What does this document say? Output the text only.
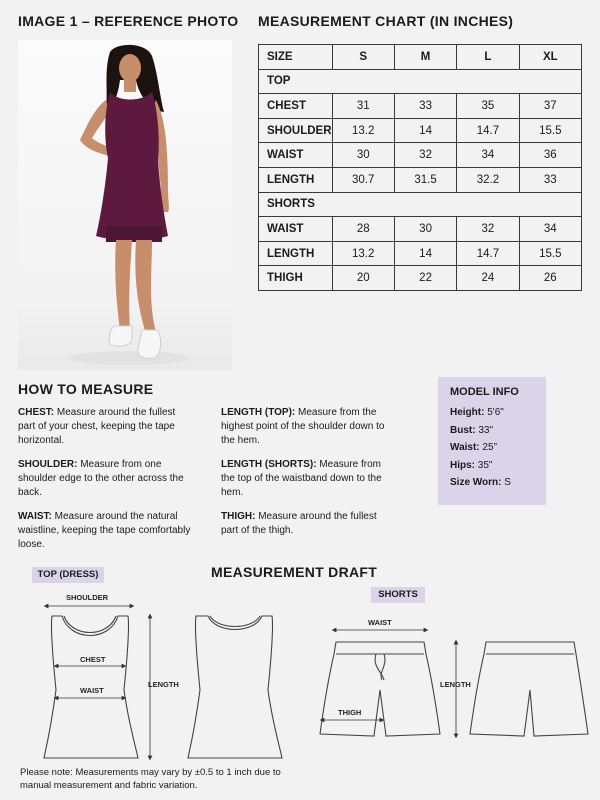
IMAGE 1 – REFERENCE PHOTO MEASUREMENT CHART (IN INCHES)
SIZE	S	M	L	XL
TOP				
CHEST	31	33	35	37
SHOULDER	13.2	14	14.7	15.5
WAIST	30	32	34	36
LENGTH	30.7	31.5	32.2	33
SHORTS				
WAIST	28	30	32	34
LENGTH	13.2	14	14.7	15.5
THIGH	20	22	24	26
HOW TO MEASURE

CHEST: Measure around the fullest part of your chest, keeping the tape horizontal.

SHOULDER: Measure from one shoulder edge to the other across the back.

WAIST: Measure around the natural waistline, keeping the tape comfortably loose.

LENGTH (TOP): Measure from the highest point of the shoulder down to the hem.

LENGTH (SHORTS): Measure from the top of the waistband down to the hem.

THIGH: Measure around the fullest part of the thigh.

MODEL INFO
Height: 5'6"
Bust: 33"
Waist: 25"
Hips: 35"
Size Worn: S
MEASUREMENT DRAFT
TOP (DRESS)
SHORTS
SHOULDER
CHEST
WAIST
LENGTH
WAIST
LENGTH
THIGH
Please note: Measurements may vary by ±0.5 to 1 inch due to manual measurement and fabric variation.
